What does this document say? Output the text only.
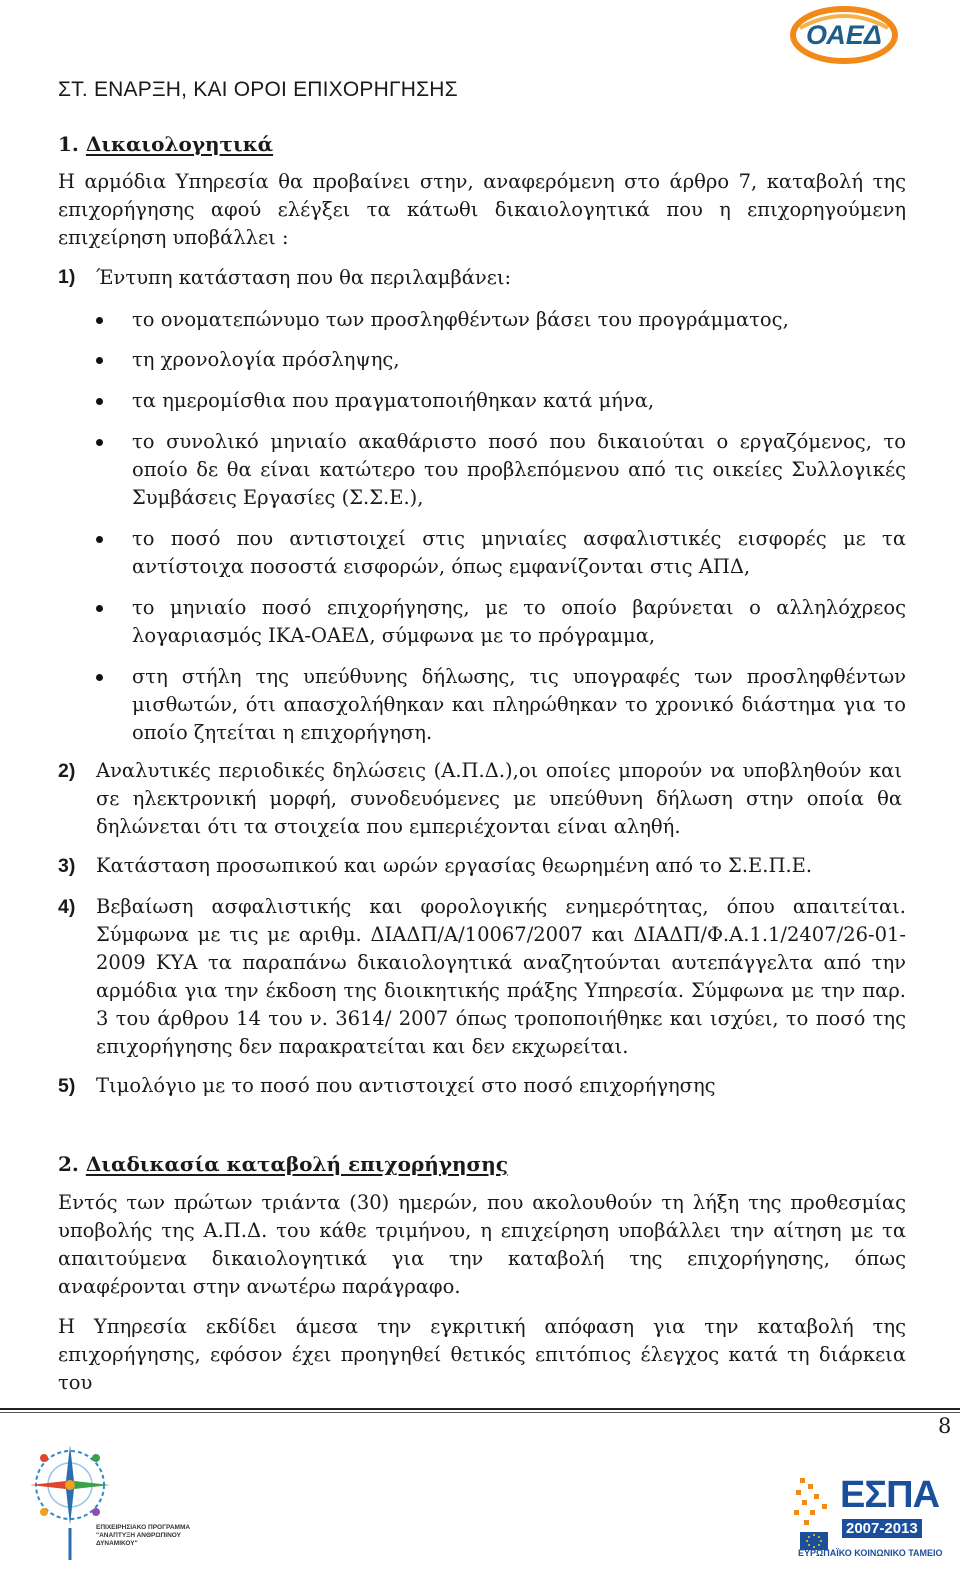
ΟΑΕΔ
ΣΤ. ΕΝΑΡΞΗ, ΚΑΙ ΟΡΟΙ ΕΠΙΧΟΡΗΓΗΣΗΣ
1. Δικαιολογητικά
Η αρμόδια Υπηρεσία θα προβαίνει στην, αναφερόμενη στο άρθρο 7, καταβολή της επιχορήγησης αφού ελέγξει τα κάτωθι δικαιολογητικά που η επιχορηγούμενη επιχείρηση υποβάλλει :
1) Έντυπη κατάσταση που θα περιλαμβάνει:
το ονοματεπώνυμο των προσληφθέντων βάσει του προγράμματος,
τη χρονολογία πρόσληψης,
τα ημερομίσθια που πραγματοποιήθηκαν κατά μήνα,
το συνολικό μηνιαίο ακαθάριστο ποσό που δικαιούται ο εργαζόμενος, το οποίο δε θα είναι κατώτερο του προβλεπόμενου από τις οικείες Συλλογικές Συμβάσεις Εργασίες (Σ.Σ.Ε.),
το ποσό που αντιστοιχεί στις μηνιαίες ασφαλιστικές εισφορές με τα αντίστοιχα ποσοστά εισφορών, όπως εμφανίζονται στις ΑΠΔ,
το μηνιαίο ποσό επιχορήγησης, με το οποίο βαρύνεται ο αλληλόχρεος λογαριασμός ΙΚΑ-ΟΑΕΔ, σύμφωνα με το πρόγραμμα,
στη στήλη της υπεύθυνης δήλωσης, τις υπογραφές των προσληφθέντων μισθωτών, ότι απασχολήθηκαν και πληρώθηκαν το χρονικό διάστημα για το οποίο ζητείται η επιχορήγηση.
2) Αναλυτικές περιοδικές δηλώσεις (Α.Π.Δ.),οι οποίες μπορούν να υποβληθούν και σε ηλεκτρονική μορφή, συνοδευόμενες με υπεύθυνη δήλωση στην οποία θα δηλώνεται ότι τα στοιχεία που εμπεριέχονται είναι αληθή.
3) Κατάσταση προσωπικού και ωρών εργασίας θεωρημένη από το Σ.Ε.Π.Ε.
4) Βεβαίωση ασφαλιστικής και φορολογικής ενημερότητας, όπου απαιτείται. Σύμφωνα με τις με αριθμ. ΔΙΑΔΠ/Α/10067/2007 και ΔΙΑΔΠ/Φ.Α.1.1/2407/26-01-2009 ΚΥΑ τα παραπάνω δικαιολογητικά αναζητούνται αυτεπάγγελτα από την αρμόδια για την έκδοση της διοικητικής πράξης Υπηρεσία. Σύμφωνα με την παρ. 3 του άρθρου 14 του ν. 3614/ 2007 όπως τροποποιήθηκε και ισχύει, το ποσό της επιχορήγησης δεν παρακρατείται και δεν εκχωρείται.
5) Τιμολόγιο με το ποσό που αντιστοιχεί στο ποσό επιχορήγησης
2. Διαδικασία καταβολή επιχορήγησης
Εντός των πρώτων τριάντα (30) ημερών, που ακολουθούν τη λήξη της προθεσμίας υποβολής της Α.Π.Δ. του κάθε τριμήνου, η επιχείρηση υποβάλλει την αίτηση με τα απαιτούμενα δικαιολογητικά για την καταβολή της επιχορήγησης, όπως αναφέρονται στην ανωτέρω παράγραφο.
Η Υπηρεσία εκδίδει άμεσα την εγκριτική απόφαση για την καταβολή της επιχορήγησης, εφόσον έχει προηγηθεί θετικός επιτόπιος έλεγχος κατά τη διάρκεια του
8
ΕΠΙΧΕΙΡΗΣΙΑΚΟ ΠΡΟΓΡΑΜΜΑ
"ΑΝΑΠΤΥΞΗ ΑΝΘΡΩΠΙΝΟΥ ΔΥΝΑΜΙΚΟΥ"
ΕΣΠΑ
2007-2013
ΕΥΡΩΠΑΪΚΟ ΚΟΙΝΩΝΙΚΟ ΤΑΜΕΙΟ
